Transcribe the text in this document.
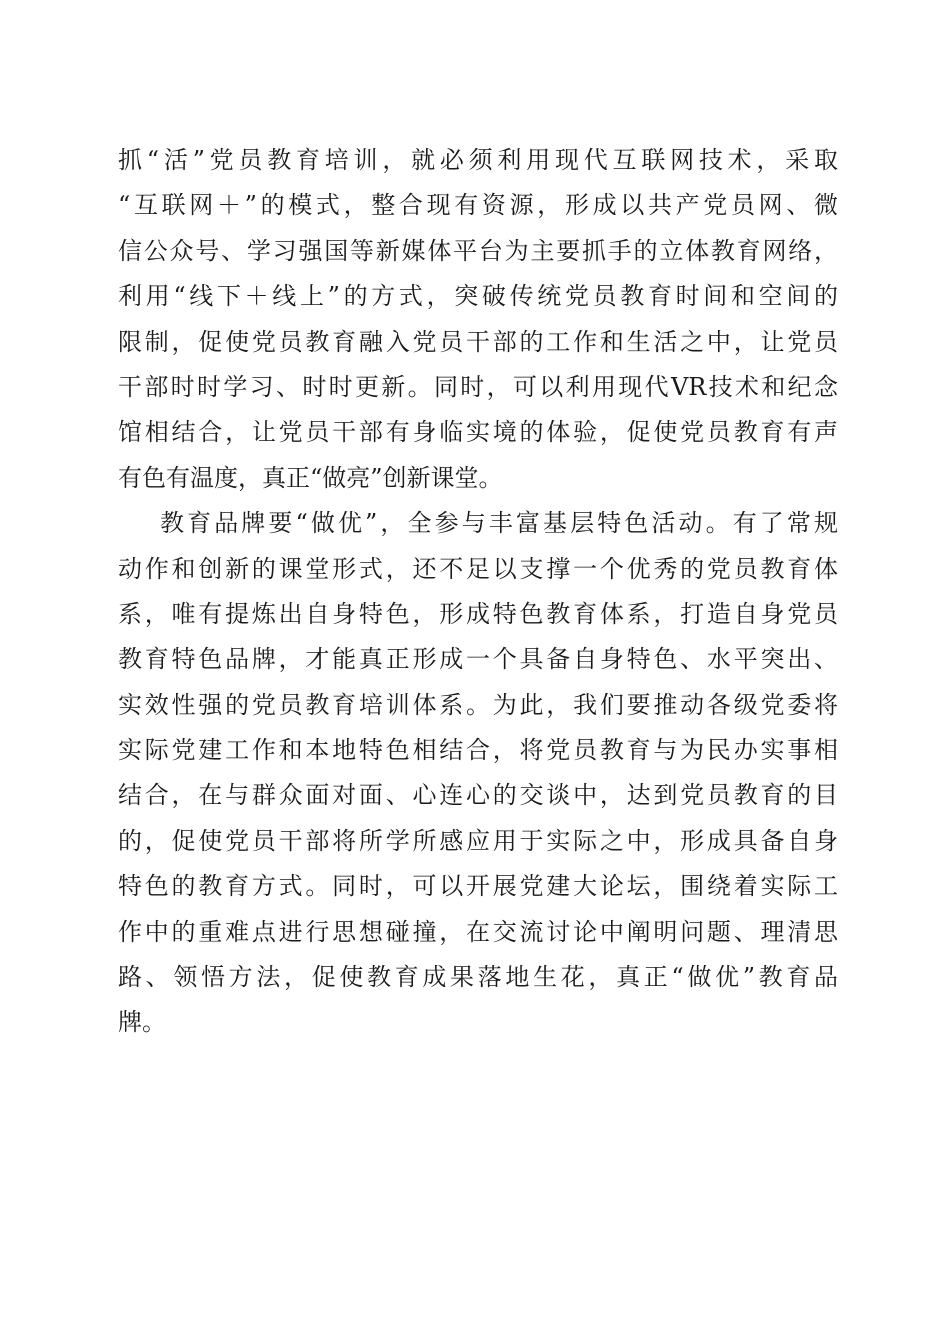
抓“活”党员教育培训，就必须利用现代互联网技术，采取
“互联网＋”的模式，整合现有资源，形成以共产党员网、微
信公众号、学习强国等新媒体平台为主要抓手的立体教育网络，
利用“线下＋线上”的方式，突破传统党员教育时间和空间的
限制，促使党员教育融入党员干部的工作和生活之中，让党员
干部时时学习、时时更新。同时，可以利用现代VR技术和纪念
馆相结合，让党员干部有身临实境的体验，促使党员教育有声
有色有温度，真正“做亮”创新课堂。
教育品牌要“做优”，全参与丰富基层特色活动。有了常规
动作和创新的课堂形式，还不足以支撑一个优秀的党员教育体
系，唯有提炼出自身特色，形成特色教育体系，打造自身党员
教育特色品牌，才能真正形成一个具备自身特色、水平突出、
实效性强的党员教育培训体系。为此，我们要推动各级党委将
实际党建工作和本地特色相结合，将党员教育与为民办实事相
结合，在与群众面对面、心连心的交谈中，达到党员教育的目
的，促使党员干部将所学所感应用于实际之中，形成具备自身
特色的教育方式。同时，可以开展党建大论坛，围绕着实际工
作中的重难点进行思想碰撞，在交流讨论中阐明问题、理清思
路、领悟方法，促使教育成果落地生花，真正“做优”教育品
牌。
